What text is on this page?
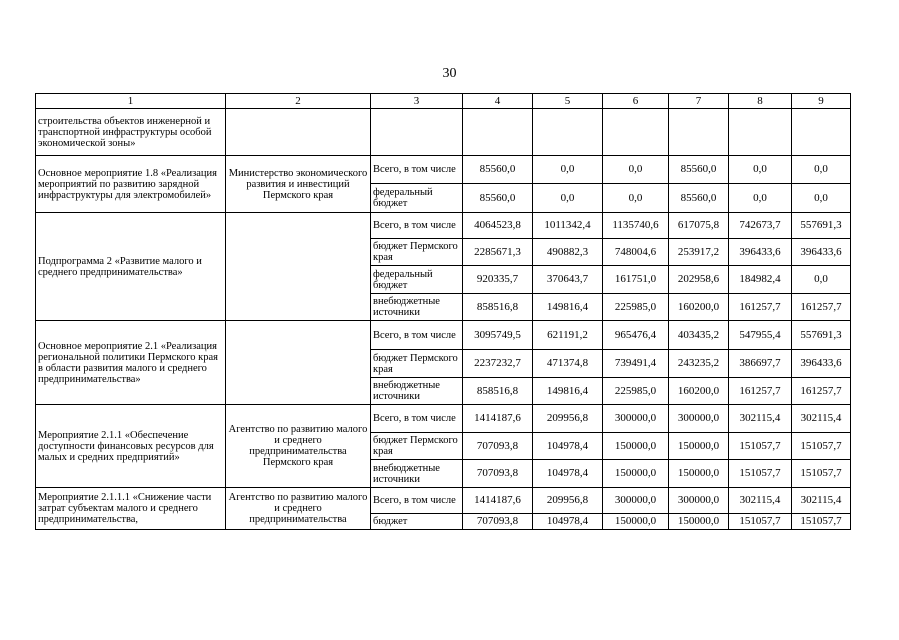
30
1	2	3	4	5	6	7	8	9
строительства объектов инженерной и транспортной инфраструктуры особой экономической зоны»								
Основное мероприятие 1.8 «Реализация мероприятий по развитию зарядной инфраструктуры для электромобилей»	Министерство экономического развития и инвестиций Пермского края	Всего, в том числе	85560,0	0,0	0,0	85560,0	0,0	0,0
		федеральный бюджет	85560,0	0,0	0,0	85560,0	0,0	0,0
Подпрограмма 2 «Развитие малого и среднего предпринимательства»		Всего, в том числе	4064523,8	1011342,4	1135740,6	617075,8	742673,7	557691,3
		бюджет Пермского края	2285671,3	490882,3	748004,6	253917,2	396433,6	396433,6
		федеральный бюджет	920335,7	370643,7	161751,0	202958,6	184982,4	0,0
		внебюджетные источники	858516,8	149816,4	225985,0	160200,0	161257,7	161257,7
Основное мероприятие 2.1 «Реализация региональной политики Пермского края в области развития малого и среднего предпринимательства»		Всего, в том числе	3095749,5	621191,2	965476,4	403435,2	547955,4	557691,3
		бюджет Пермского края	2237232,7	471374,8	739491,4	243235,2	386697,7	396433,6
		внебюджетные источники	858516,8	149816,4	225985,0	160200,0	161257,7	161257,7
Мероприятие 2.1.1 «Обеспечение доступности финансовых ресурсов для малых и средних предприятий»	Агентство по развитию малого и среднего предпринимательства Пермского края	Всего, в том числе	1414187,6	209956,8	300000,0	300000,0	302115,4	302115,4
		бюджет Пермского края	707093,8	104978,4	150000,0	150000,0	151057,7	151057,7
		внебюджетные источники	707093,8	104978,4	150000,0	150000,0	151057,7	151057,7
Мероприятие 2.1.1.1 «Снижение части затрат субъектам малого и среднего предпринимательства,	Агентство по развитию малого и среднего предпринимательства	Всего, в том числе	1414187,6	209956,8	300000,0	300000,0	302115,4	302115,4
		бюджет	707093,8	104978,4	150000,0	150000,0	151057,7	151057,7
